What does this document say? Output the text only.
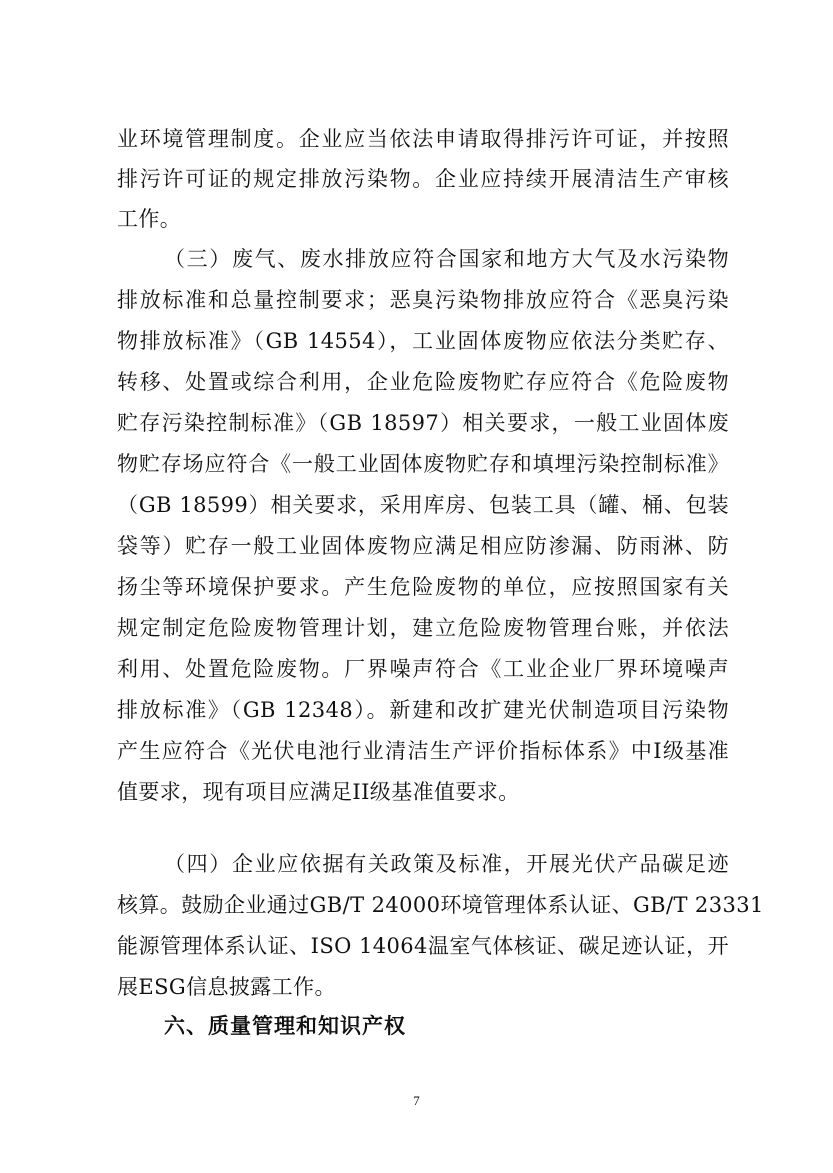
业环境管理制度。企业应当依法申请取得排污许可证，并按照
排污许可证的规定排放污染物。企业应持续开展清洁生产审核
工作。
（三）废气、废水排放应符合国家和地方大气及水污染物
排放标准和总量控制要求；恶臭污染物排放应符合《恶臭污染
物排放标准》（GB 14554），工业固体废物应依法分类贮存、
转移、处置或综合利用，企业危险废物贮存应符合《危险废物
贮存污染控制标准》（GB 18597）相关要求，一般工业固体废
物贮存场应符合《一般工业固体废物贮存和填埋污染控制标准》
（GB 18599）相关要求，采用库房、包装工具（罐、桶、包装
袋等）贮存一般工业固体废物应满足相应防渗漏、防雨淋、防
扬尘等环境保护要求。产生危险废物的单位，应按照国家有关
规定制定危险废物管理计划，建立危险废物管理台账，并依法
利用、处置危险废物。厂界噪声符合《工业企业厂界环境噪声
排放标准》（GB 12348）。新建和改扩建光伏制造项目污染物
产生应符合《光伏电池行业清洁生产评价指标体系》中I级基准
值要求，现有项目应满足II级基准值要求。
（四）企业应依据有关政策及标准，开展光伏产品碳足迹
核算。鼓励企业通过GB/T 24000环境管理体系认证、GB/T 23331
能源管理体系认证、ISO 14064温室气体核证、碳足迹认证，开
展ESG信息披露工作。
六、质量管理和知识产权
7
